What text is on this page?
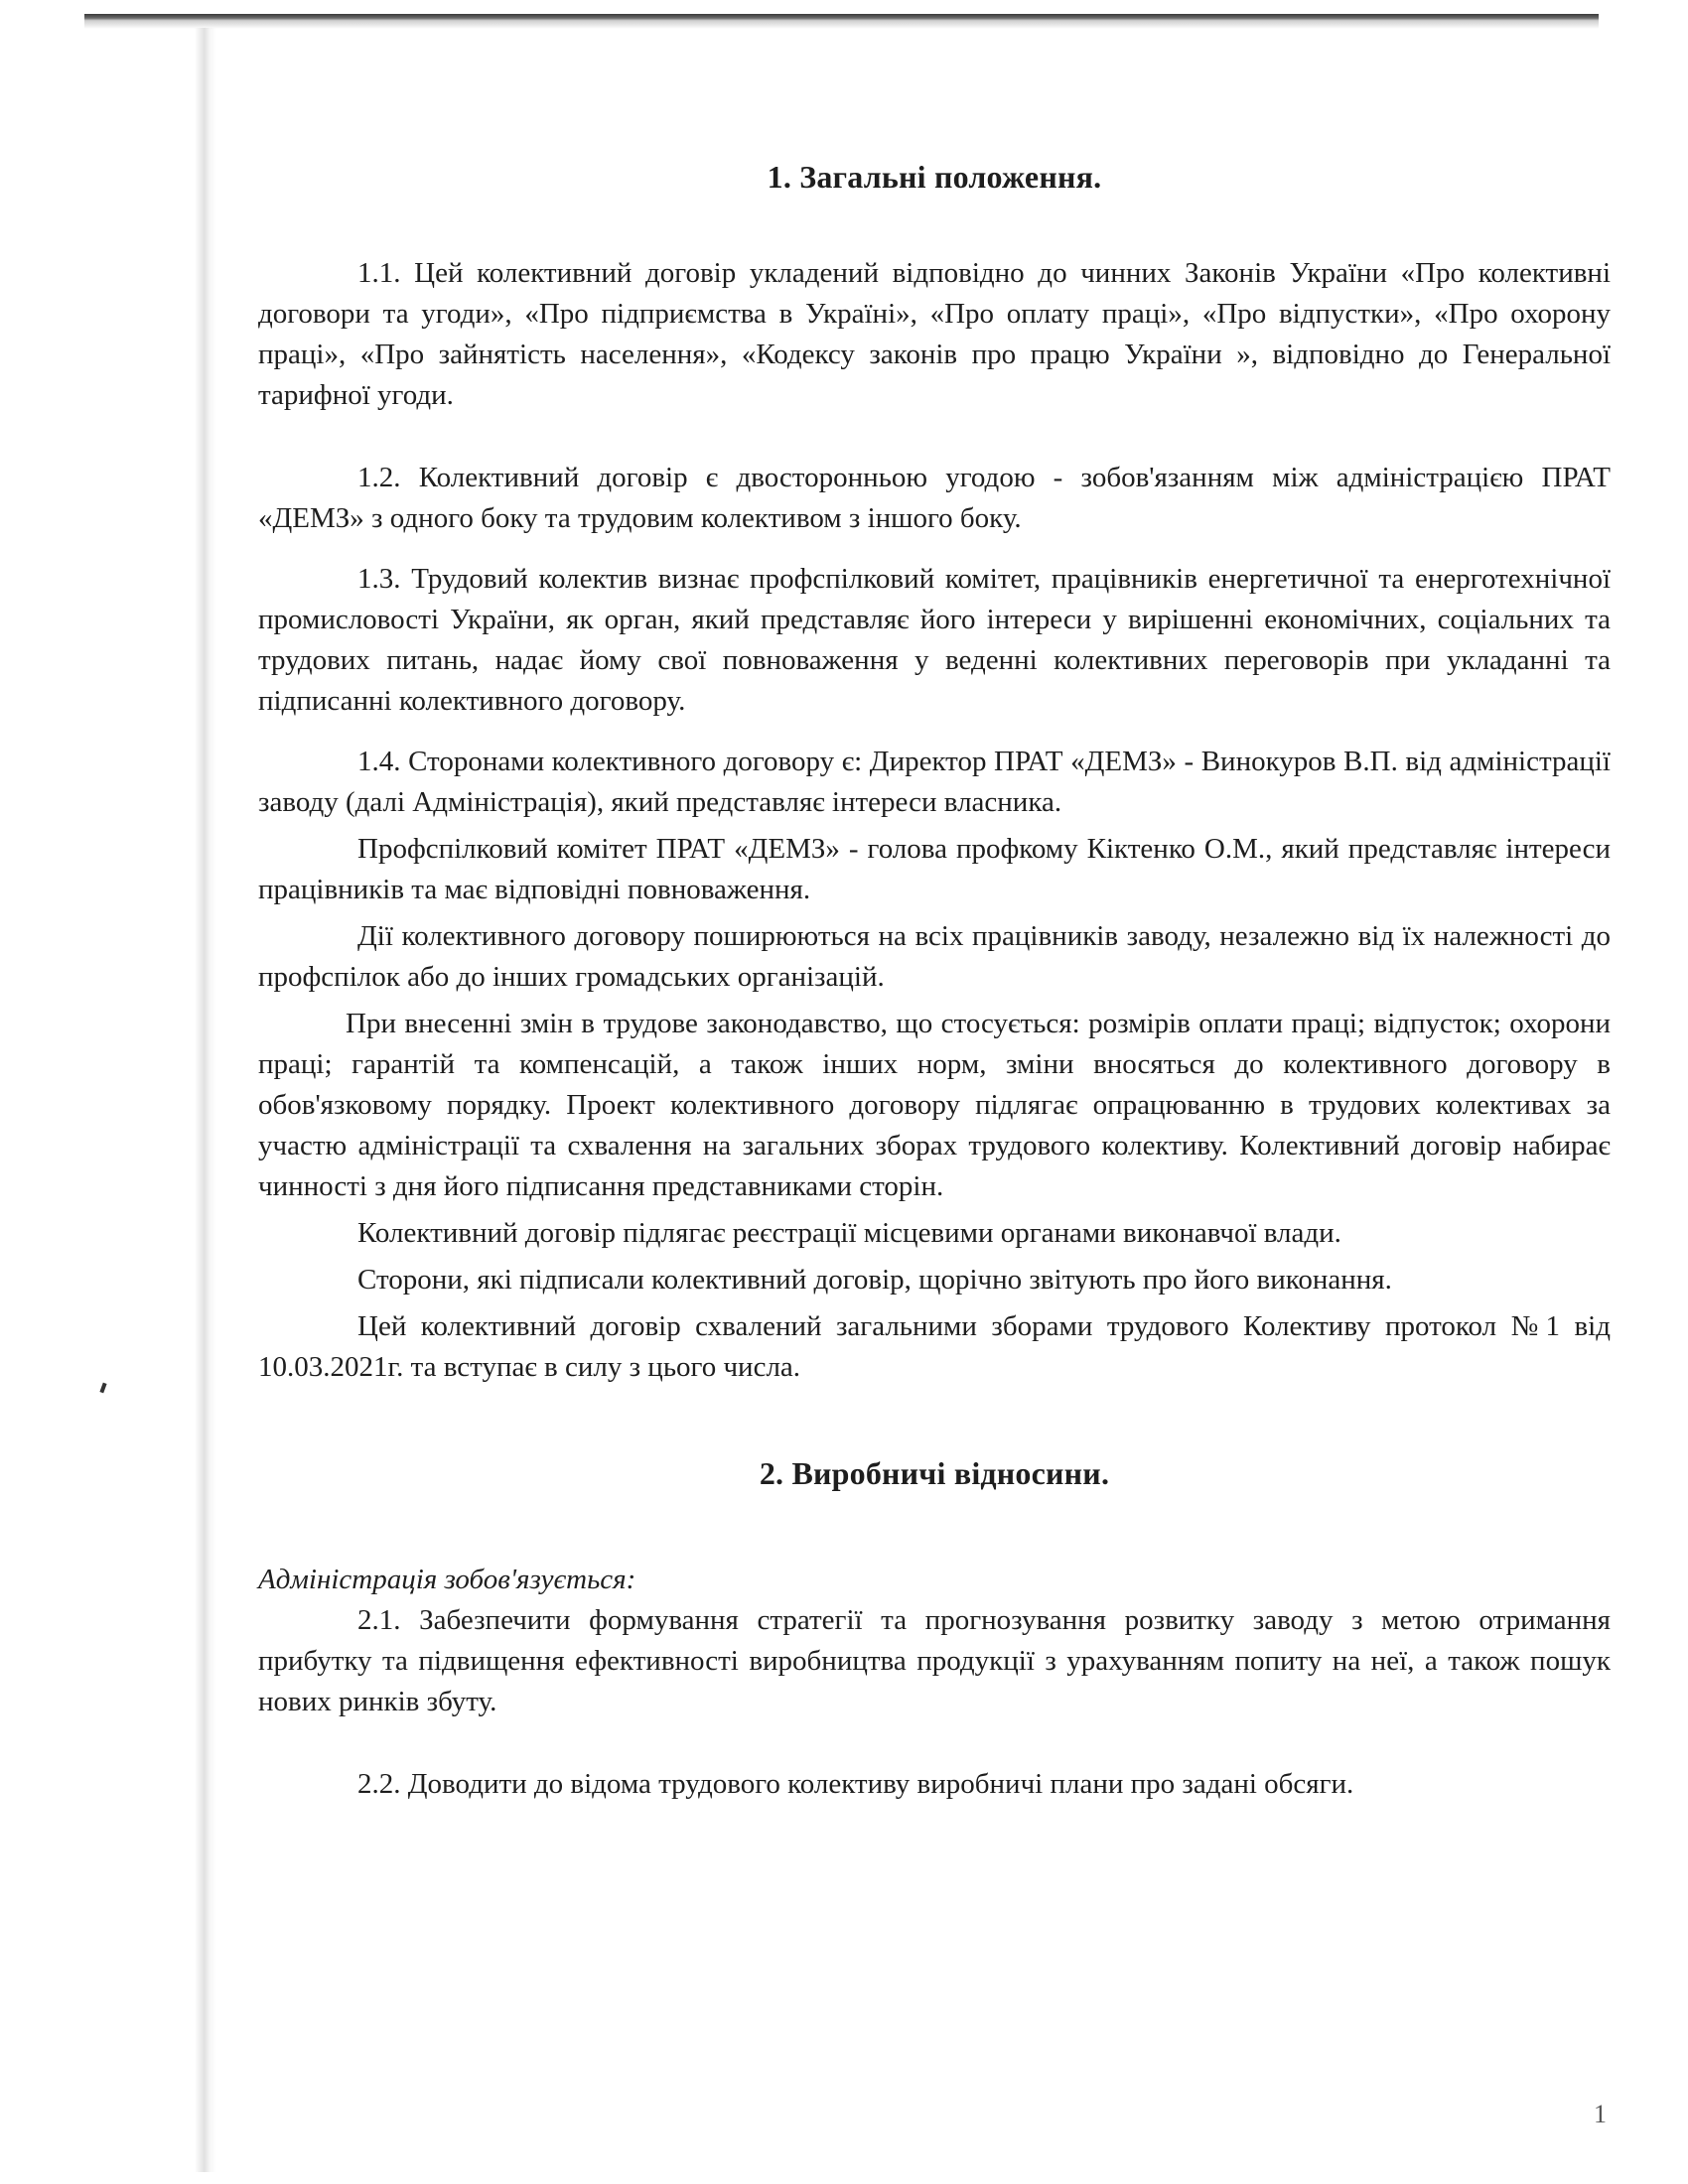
1. Загальні положення.

1.1. Цей колективний договір укладений відповідно до чинних Законів України «Про колективні договори та угоди», «Про підприємства в Україні», «Про оплату праці», «Про відпустки», «Про охорону праці», «Про зайнятість населення», «Кодексу законів про працю України », відповідно до Генеральної тарифної угоди.

1.2. Колективний договір є двосторонньою угодою - зобов'язанням між адміністрацією ПРАТ «ДЕМЗ» з одного боку та трудовим колективом з іншого боку.

1.3. Трудовий колектив визнає профспілковий комітет, працівників енергетичної та енерготехнічної промисловості України, як орган, який представляє його інтереси у вирішенні економічних, соціальних та трудових питань, надає йому свої повноваження у веденні колективних переговорів при укладанні та підписанні колективного договору.

1.4. Сторонами колективного договору є: Директор ПРАТ «ДЕМЗ» - Винокуров В.П. від адміністрації заводу (далі Адміністрація), який представляє інтереси власника.

Профспілковий комітет ПРАТ «ДЕМЗ» - голова профкому Кіктенко О.М., який представляє інтереси працівників та має відповідні повноваження.

Дії колективного договору поширюються на всіх працівників заводу, незалежно від їх належності до профспілок або до інших громадських організацій.

При внесенні змін в трудове законодавство, що стосується: розмірів оплати праці; відпусток; охорони праці; гарантій та компенсацій, а також інших норм, зміни вносяться до колективного договору в обов'язковому порядку. Проект колективного договору підлягає опрацюванню в трудових колективах за участю адміністрації та схвалення на загальних зборах трудового колективу. Колективний договір набирає чинності з дня його підписання представниками сторін.

Колективний договір підлягає реєстрації місцевими органами виконавчої влади.

Сторони, які підписали колективний договір, щорічно звітують про його виконання.

Цей колективний договір схвалений загальними зборами трудового Колективу протокол №1 від 10.03.2021г. та вступає в силу з цього числа.

2. Виробничі відносини.
Адміністрація зобов'язується:

2.1. Забезпечити формування стратегії та прогнозування розвитку заводу з метою отримання прибутку та підвищення ефективності виробництва продукції з урахуванням попиту на неї, а також пошук нових ринків збуту.

2.2. Доводити до відома трудового колективу виробничі плани про задані обсяги.

1
